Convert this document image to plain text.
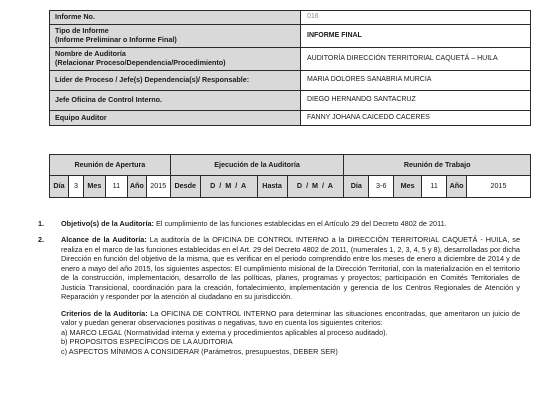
Informe No.	016
Tipo de Informe
(Informe Preliminar o Informe Final)	INFORME FINAL
Nombre de Auditoría
(Relacionar Proceso/Dependencia/Procedimiento)	AUDITORÍA DIRECCIÓN TERRITORIAL CAQUETÁ – HUILA
Líder de Proceso / Jefe(s) Dependencia(s)/ Responsable:	MARIA DOLORES SANABRIA MURCIA
Jefe Oficina de Control Interno.	DIEGO HERNANDO SANTACRUZ
Equipo Auditor	FANNY JOHANA CAICEDO CACERES
Reunión de Apertura						Ejecución de la Auditoría				Reunión de Trabajo					
Día	3	Mes	11	Año	2015	Desde	D / M / A	Hasta	D / M / A	Día	3-6	Mes	11	Año	2015
1.	Objetivo(s) de la Auditoría: El cumplimiento de las funciones establecidas en el Artículo 29 del Decreto 4802 de 2011.
2.	Alcance de la Auditoría: La auditoría de la OFICINA DE CONTROL INTERNO a la DIRECCIÓN TERRITORIAL CAQUETÁ - HUILA, se realiza en el marco de las funciones establecidas en el Art. 29 del Decreto 4802 de 2011, (numerales 1, 2, 3, 4, 5 y 8), desarrolladas por dicha Dirección en función del objetivo de la misma, que es verificar en el periodo comprendido entre los meses de enero a diciembre de 2014 y de enero a mayo del año 2015, los siguientes aspectos: El cumplimiento misional de la Dirección Territorial, con la materialización en el territorio de la construcción, implementación, desarrollo de las políticas, planes, programas y proyectos; participación en Comités Territoriales de Justicia Transicional, coordinación para la creación, fortalecimiento, implementación y gerencia de los Centros Regionales de Atención y Reparación y responder por la atención al ciudadano en su jurisdicción.

Criterios de la Auditoría: La OFICINA DE CONTROL INTERNO para determinar las situaciones encontradas, que ameritaron un juicio de valor y puedan generar observaciones positivas o negativas, tuvo en cuenta los siguientes criterios:

a) MARCO LEGAL (Normatividad interna y externa y procedimientos aplicables al proceso auditado).

b) PROPOSITOS ESPECÍFICOS DE LA AUDITORIA

c) ASPECTOS MÍNIMOS A CONSIDERAR (Parámetros, presupuestos, DEBER SER)
